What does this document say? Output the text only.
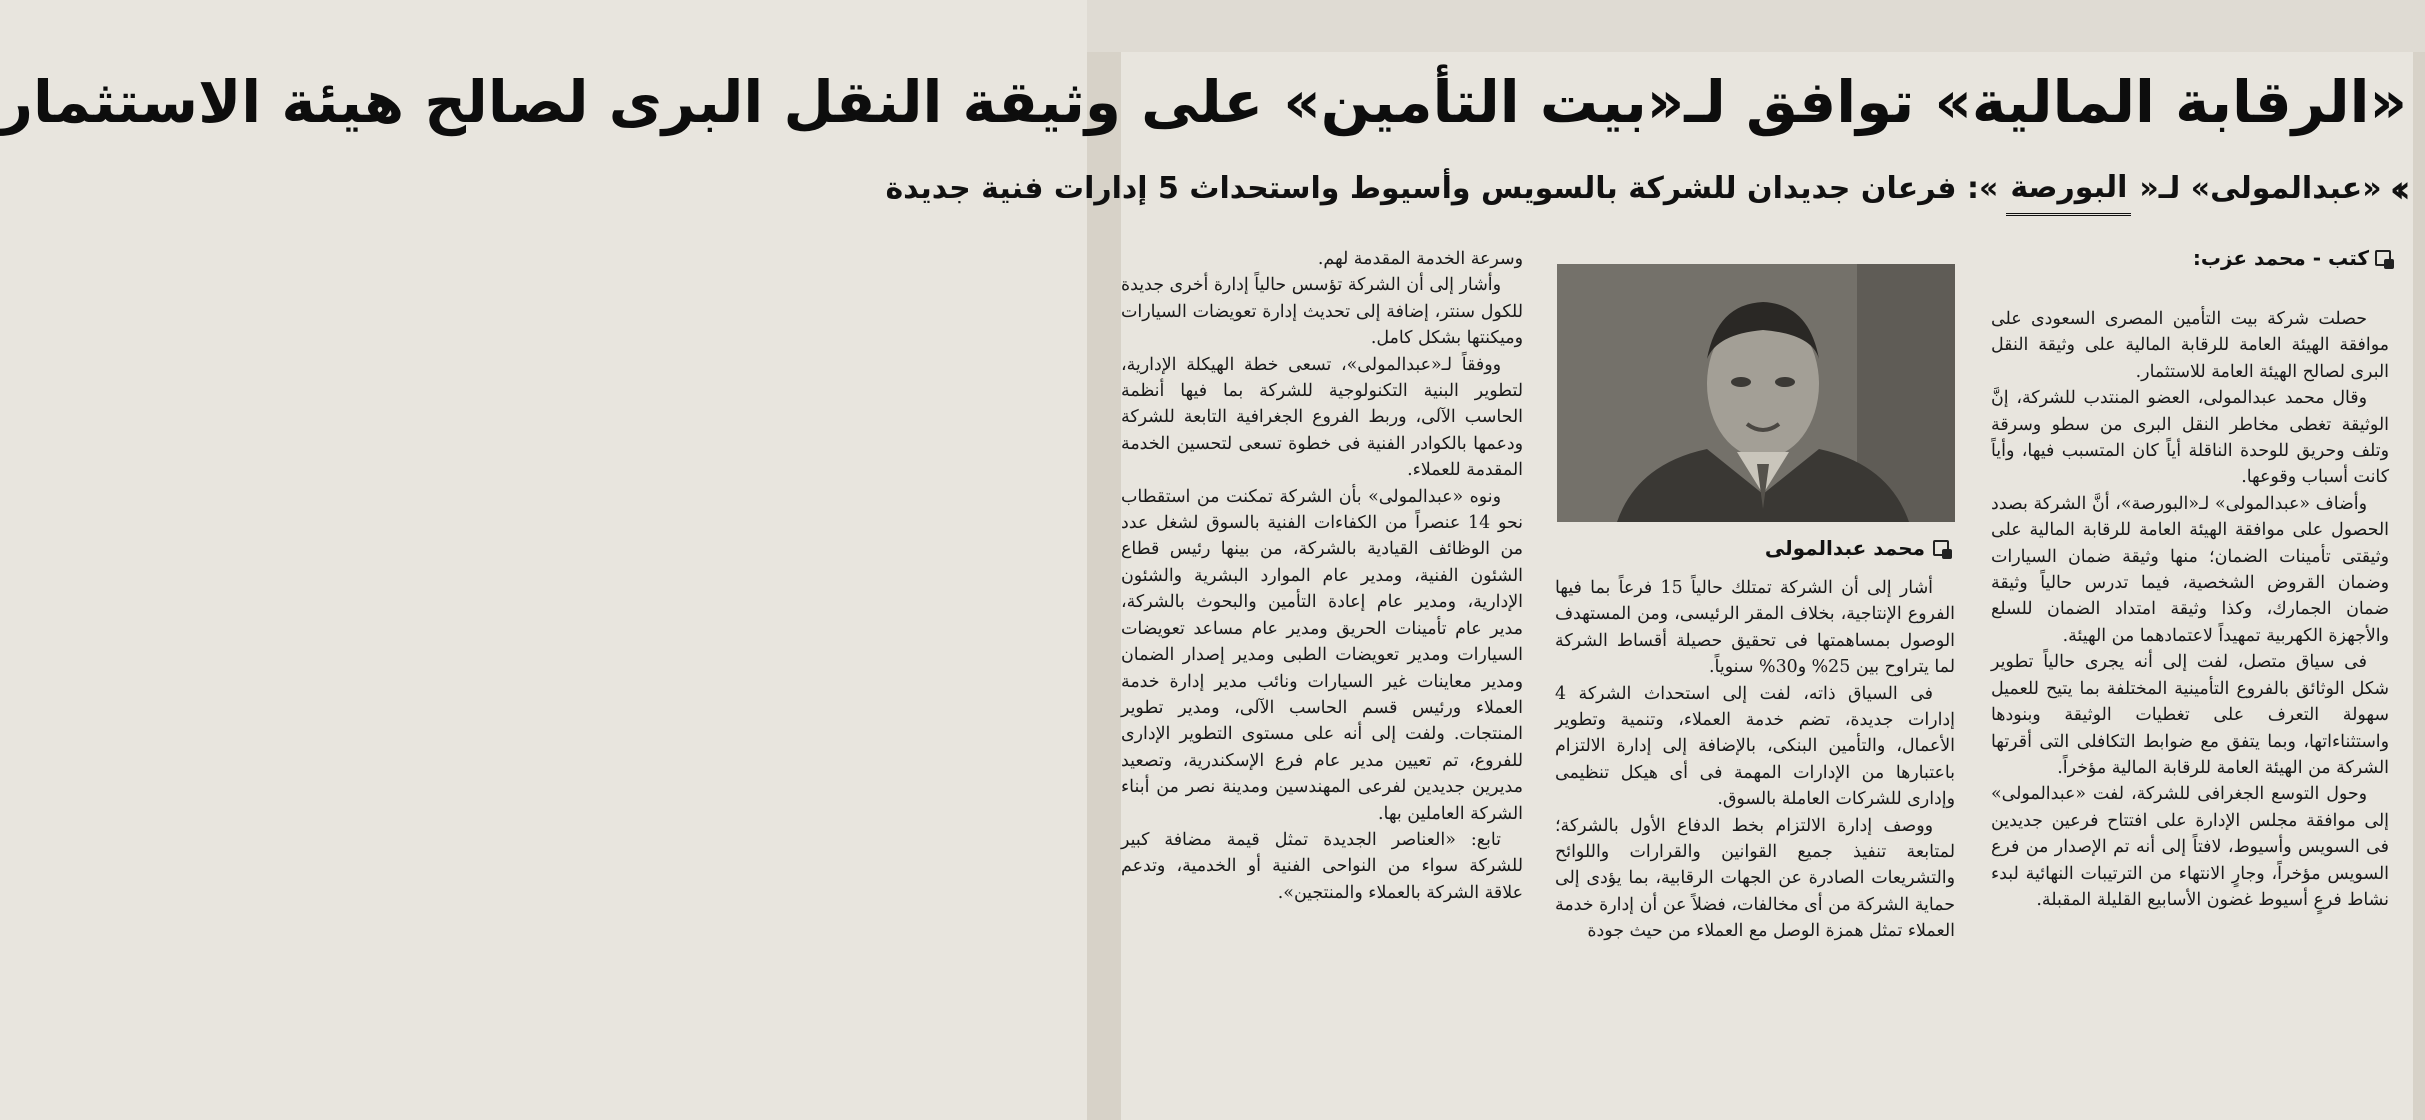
«الرقابة المالية» توافق لـ«بيت التأمين» على وثيقة النقل البرى لصالح هيئة الاستثمار
››
«عبدالمولى» لـ«
البورصة
»: فرعان جديدان للشركة بالسويس وأسيوط واستحداث 5 إدارات فنية جديدة
كتب - محمد عزب:
محمد عبدالمولى

حصلت شركة بيت التأمين المصرى السعودى على موافقة الهيئة العامة للرقابة المالية على وثيقة النقل البرى لصالح الهيئة العامة للاستثمار.

وقال محمد عبدالمولى، العضو المنتدب للشركة، إنَّ الوثيقة تغطى مخاطر النقل البرى من سطو وسرقة وتلف وحريق للوحدة الناقلة أياً كان المتسبب فيها، وأياً كانت أسباب وقوعها.

وأضاف «عبدالمولى» لـ«البورصة»، أنَّ الشركة بصدد الحصول على موافقة الهيئة العامة للرقابة المالية على وثيقتى تأمينات الضمان؛ منها وثيقة ضمان السيارات وضمان القروض الشخصية، فيما تدرس حالياً وثيقة ضمان الجمارك، وكذا وثيقة امتداد الضمان للسلع والأجهزة الكهربية تمهيداً لاعتمادهما من الهيئة.

فى سياق متصل، لفت إلى أنه يجرى حالياً تطوير شكل الوثائق بالفروع التأمينية المختلفة بما يتيح للعميل سهولة التعرف على تغطيات الوثيقة وبنودها واستثناءاتها، وبما يتفق مع ضوابط التكافلى التى أقرتها الشركة من الهيئة العامة للرقابة المالية مؤخراً.

وحول التوسع الجغرافى للشركة، لفت «عبدالمولى» إلى موافقة مجلس الإدارة على افتتاح فرعين جديدين فى السويس وأسيوط، لافتاً إلى أنه تم الإصدار من فرع السويس مؤخراً، وجارٍ الانتهاء من الترتيبات النهائية لبدء نشاط فرعٍ أسيوط غضون الأسابيع القليلة المقبلة.

أشار إلى أن الشركة تمتلك حالياً 15 فرعاً بما فيها الفروع الإنتاجية، بخلاف المقر الرئيسى، ومن المستهدف الوصول بمساهمتها فى تحقيق حصيلة أقساط الشركة لما يتراوح بين 25% و30% سنوياً.

فى السياق ذاته، لفت إلى استحداث الشركة 4 إدارات جديدة، تضم خدمة العملاء، وتنمية وتطوير الأعمال، والتأمين البنكى، بالإضافة إلى إدارة الالتزام باعتبارها من الإدارات المهمة فى أى هيكل تنظيمى وإدارى للشركات العاملة بالسوق.

ووصف إدارة الالتزام بخط الدفاع الأول بالشركة؛ لمتابعة تنفيذ جميع القوانين والقرارات واللوائح والتشريعات الصادرة عن الجهات الرقابية، بما يؤدى إلى حماية الشركة من أى مخالفات، فضلاً عن أن إدارة خدمة العملاء تمثل همزة الوصل مع العملاء من حيث جودة

وسرعة الخدمة المقدمة لهم.

وأشار إلى أن الشركة تؤسس حالياً إدارة أخرى جديدة للكول سنتر، إضافة إلى تحديث إدارة تعويضات السيارات وميكنتها بشكل كامل.

ووفقاً لـ«عبدالمولى»، تسعى خطة الهيكلة الإدارية، لتطوير البنية التكنولوجية للشركة بما فيها أنظمة الحاسب الآلى، وربط الفروع الجغرافية التابعة للشركة ودعمها بالكوادر الفنية فى خطوة تسعى لتحسين الخدمة المقدمة للعملاء.

ونوه «عبدالمولى» بأن الشركة تمكنت من استقطاب نحو 14 عنصراً من الكفاءات الفنية بالسوق لشغل عدد من الوظائف القيادية بالشركة، من بينها رئيس قطاع الشئون الفنية، ومدير عام الموارد البشرية والشئون الإدارية، ومدير عام إعادة التأمين والبحوث بالشركة، مدير عام تأمينات الحريق ومدير عام مساعد تعويضات السيارات ومدير تعويضات الطبى ومدير إصدار الضمان ومدير معاينات غير السيارات ونائب مدير إدارة خدمة العملاء ورئيس قسم الحاسب الآلى، ومدير تطوير المنتجات. ولفت إلى أنه على مستوى التطوير الإدارى للفروع، تم تعيين مدير عام فرع الإسكندرية، وتصعيد مديرين جديدين لفرعى المهندسين ومدينة نصر من أبناء الشركة العاملين بها.

تابع: «العناصر الجديدة تمثل قيمة مضافة كبير للشركة سواء من النواحى الفنية أو الخدمية، وتدعم علاقة الشركة بالعملاء والمنتجين».
